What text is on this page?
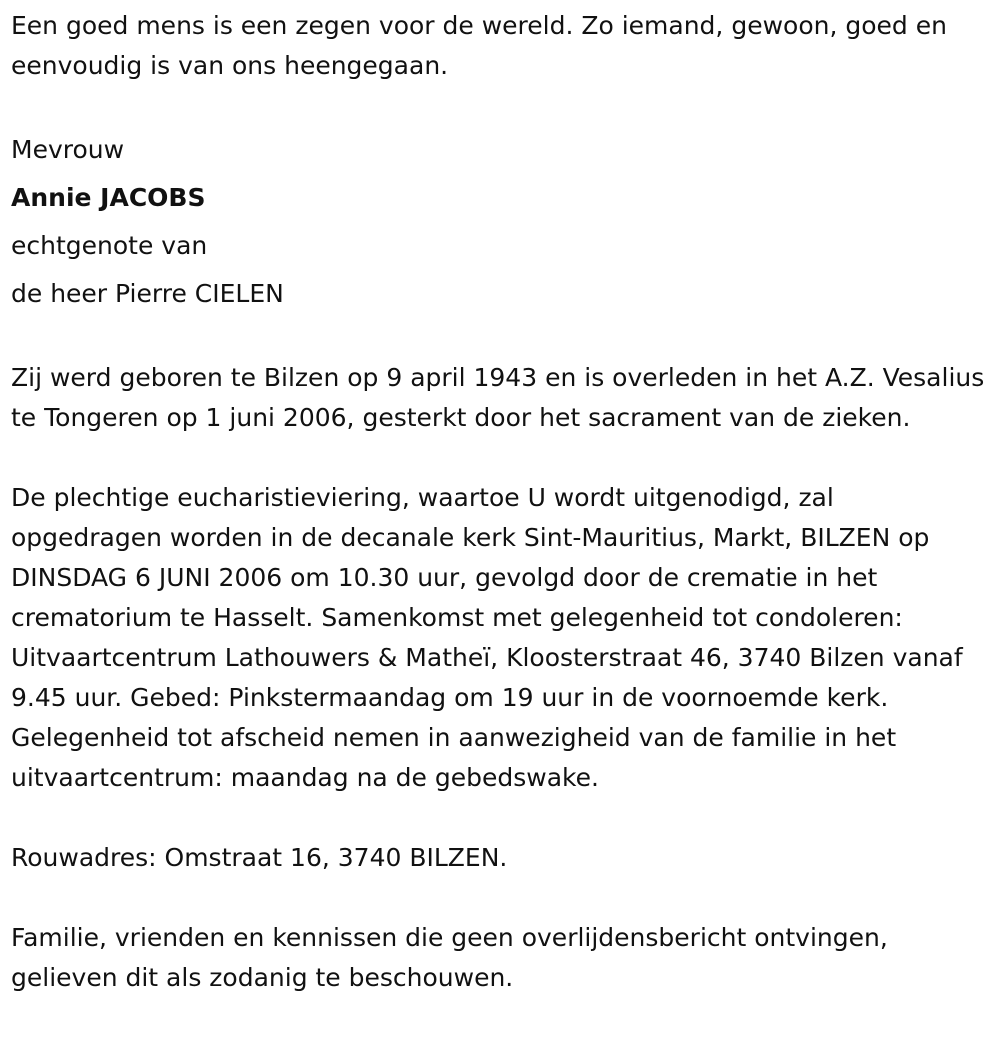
Een goed mens is een zegen voor de wereld. Zo iemand, gewoon, goed en eenvoudig is van ons heengegaan.

Mevrouw

Annie JACOBS

echtgenote van

de heer Pierre CIELEN

Zij werd geboren te Bilzen op 9 april 1943 en is overleden in het A.Z. Vesalius te Tongeren op 1 juni 2006, gesterkt door het sacrament van de zieken.

De plechtige eucharistieviering, waartoe U wordt uitgenodigd, zal opgedragen worden in de decanale kerk Sint-Mauritius, Markt, BILZEN op DINSDAG 6 JUNI 2006 om 10.30 uur, gevolgd door de crematie in het crematorium te Hasselt. Samenkomst met gelegenheid tot condoleren: Uitvaartcentrum Lathouwers & Matheï, Kloosterstraat 46, 3740 Bilzen vanaf 9.45 uur. Gebed: Pinkstermaandag om 19 uur in de voornoemde kerk. Gelegenheid tot afscheid nemen in aanwezigheid van de familie in het uitvaartcentrum: maandag na de gebedswake.

Rouwadres: Omstraat 16, 3740 BILZEN.

Familie, vrienden en kennissen die geen overlijdensbericht ontvingen, gelieven dit als zodanig te beschouwen.
